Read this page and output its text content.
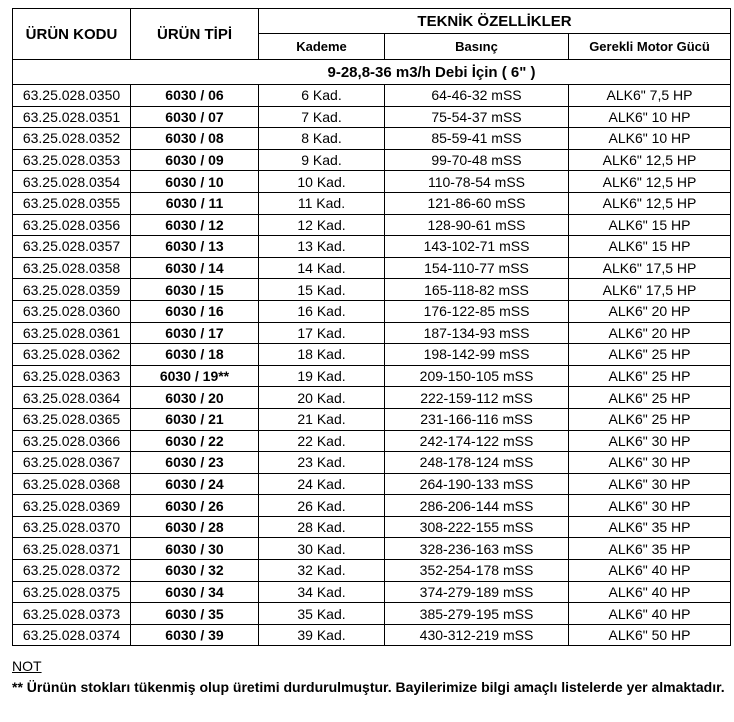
ÜRÜN KODU	ÜRÜN TİPİ	TEKNİK ÖZELLİKLER		
		Kademe	Basınç	Gerekli Motor Gücü
9-28,8-36 m3/h Debi İçin ( 6" )				
63.25.028.0350	6030 / 06	6 Kad.	64-46-32 mSS	ALK6" 7,5 HP
63.25.028.0351	6030 / 07	7 Kad.	75-54-37 mSS	ALK6" 10 HP
63.25.028.0352	6030 / 08	8 Kad.	85-59-41 mSS	ALK6" 10 HP
63.25.028.0353	6030 / 09	9 Kad.	99-70-48 mSS	ALK6" 12,5 HP
63.25.028.0354	6030 / 10	10 Kad.	110-78-54 mSS	ALK6" 12,5 HP
63.25.028.0355	6030 / 11	11 Kad.	121-86-60 mSS	ALK6" 12,5 HP
63.25.028.0356	6030 / 12	12 Kad.	128-90-61 mSS	ALK6" 15 HP
63.25.028.0357	6030 / 13	13 Kad.	143-102-71 mSS	ALK6" 15 HP
63.25.028.0358	6030 / 14	14 Kad.	154-110-77 mSS	ALK6" 17,5 HP
63.25.028.0359	6030 / 15	15 Kad.	165-118-82 mSS	ALK6" 17,5 HP
63.25.028.0360	6030 / 16	16 Kad.	176-122-85 mSS	ALK6" 20 HP
63.25.028.0361	6030 / 17	17 Kad.	187-134-93 mSS	ALK6" 20 HP
63.25.028.0362	6030 / 18	18 Kad.	198-142-99 mSS	ALK6" 25 HP
63.25.028.0363	6030 / 19**	19 Kad.	209-150-105 mSS	ALK6" 25 HP
63.25.028.0364	6030 / 20	20 Kad.	222-159-112 mSS	ALK6" 25 HP
63.25.028.0365	6030 / 21	21 Kad.	231-166-116 mSS	ALK6" 25 HP
63.25.028.0366	6030 / 22	22 Kad.	242-174-122 mSS	ALK6" 30 HP
63.25.028.0367	6030 / 23	23 Kad.	248-178-124 mSS	ALK6" 30 HP
63.25.028.0368	6030 / 24	24 Kad.	264-190-133 mSS	ALK6" 30 HP
63.25.028.0369	6030 / 26	26 Kad.	286-206-144 mSS	ALK6" 30 HP
63.25.028.0370	6030 / 28	28 Kad.	308-222-155 mSS	ALK6" 35 HP
63.25.028.0371	6030 / 30	30 Kad.	328-236-163 mSS	ALK6" 35 HP
63.25.028.0372	6030 / 32	32 Kad.	352-254-178 mSS	ALK6" 40 HP
63.25.028.0375	6030 / 34	34 Kad.	374-279-189 mSS	ALK6" 40 HP
63.25.028.0373	6030 / 35	35 Kad.	385-279-195 mSS	ALK6" 40 HP
63.25.028.0374	6030 / 39	39 Kad.	430-312-219 mSS	ALK6" 50 HP
NOT
** Ürünün stokları tükenmiş olup üretimi durdurulmuştur. Bayilerimize bilgi amaçlı listelerde yer almaktadır.
